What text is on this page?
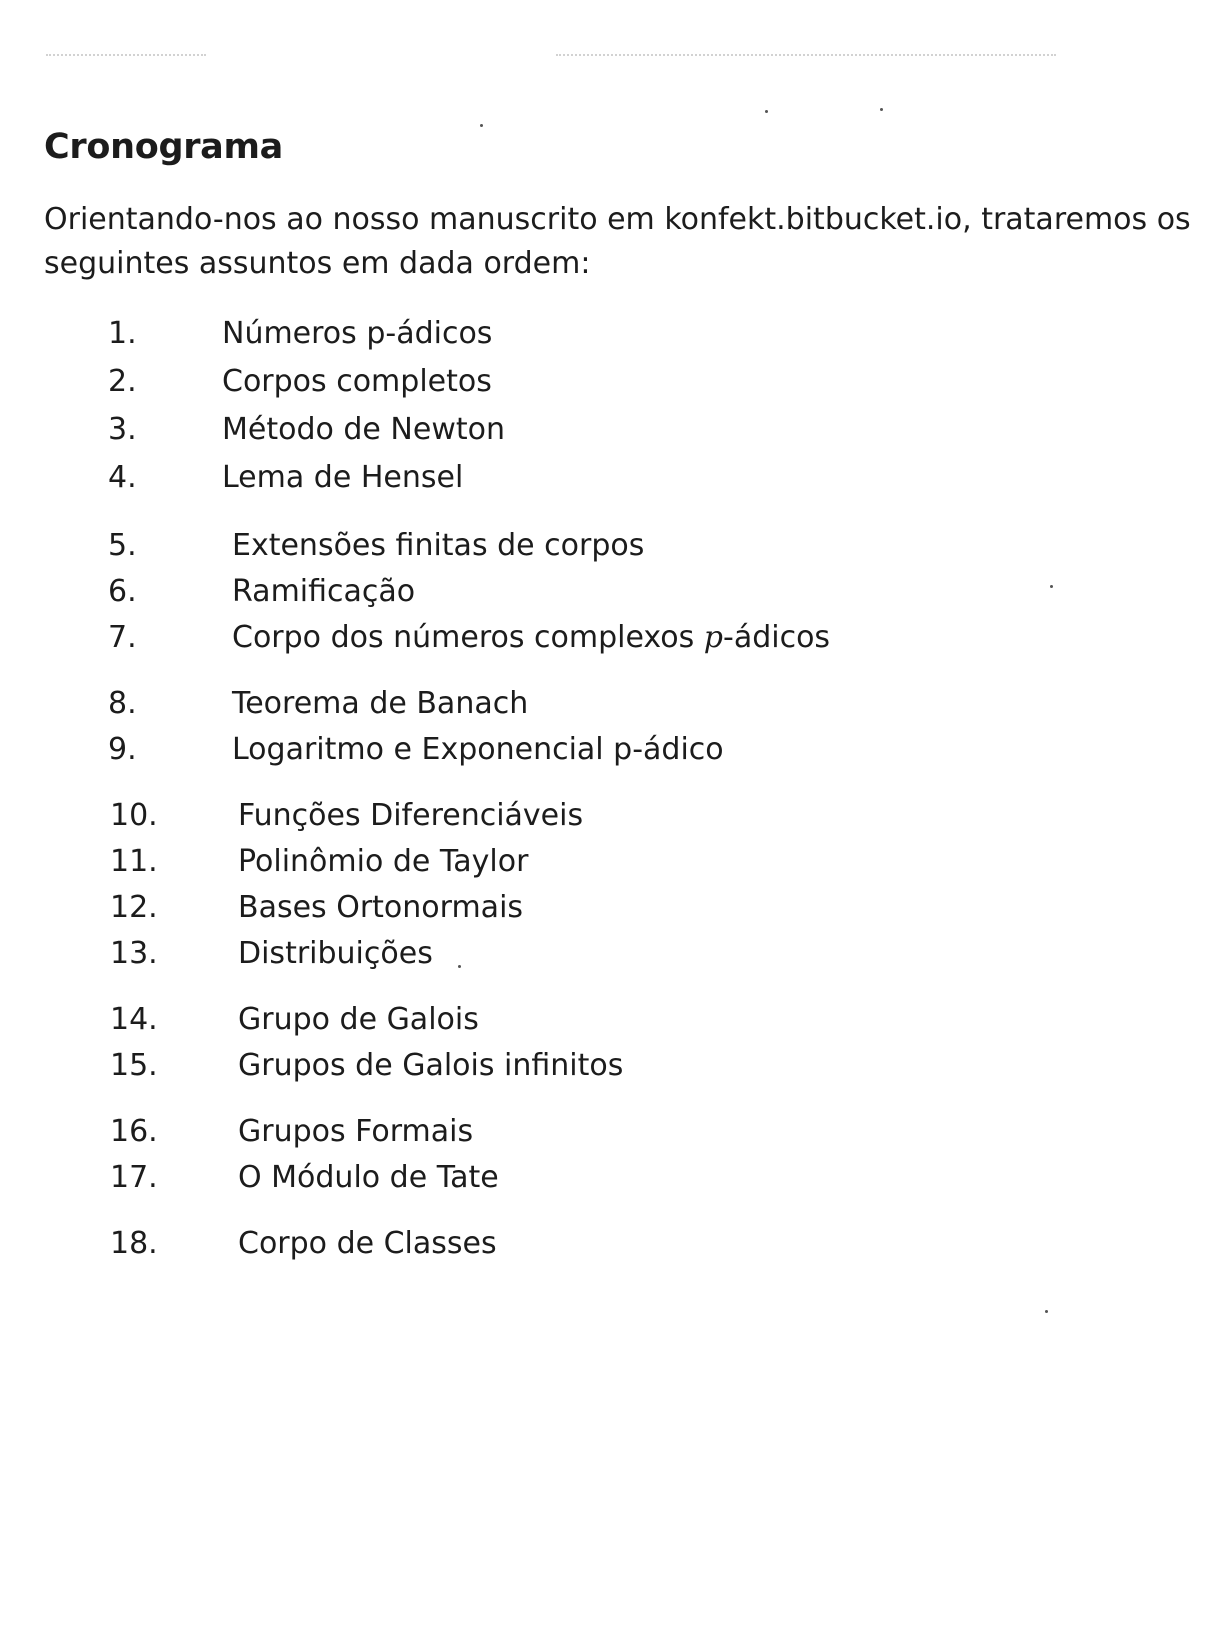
Cronograma

Orientando-nos ao nosso manuscrito em konfekt.bitbucket.io, trataremos os seguintes assuntos em dada ordem:

1.	Números p-ádicos
2.	Corpos completos
3.	Método de Newton
4.	Lema de Hensel
5.	Extensões finitas de corpos
6.	Ramificação
7.	Corpo dos números complexos p-ádicos
8.	Teorema de Banach
9.	Logaritmo e Exponencial p-ádico
10.	Funções Diferenciáveis
11.	Polinômio de Taylor
12.	Bases Ortonormais
13.	Distribuições
14.	Grupo de Galois
15.	Grupos de Galois infinitos
16.	Grupos Formais
17.	O Módulo de Tate
18.	Corpo de Classes
